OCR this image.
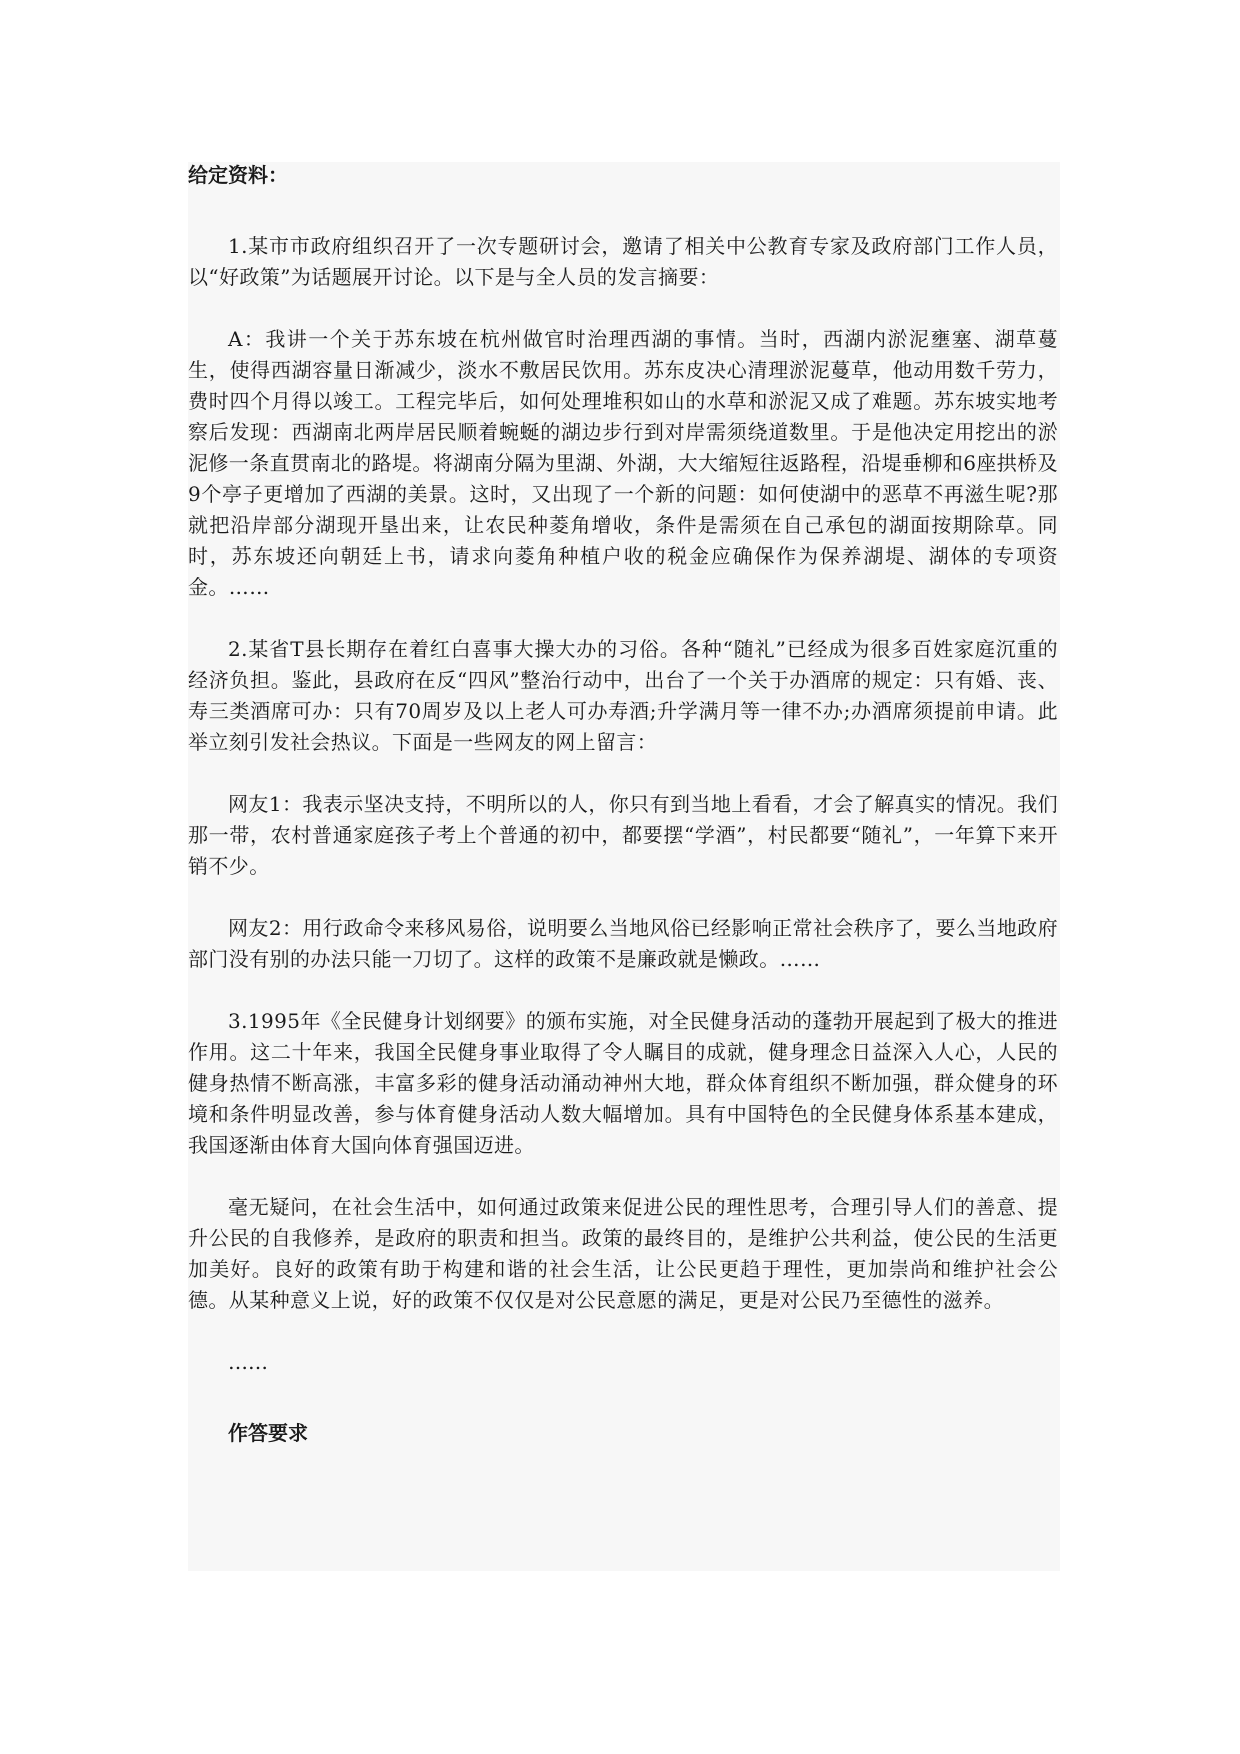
给定资料：

1.某市市政府组织召开了一次专题研讨会，邀请了相关中公教育专家及政府部门工作人员，以“好政策”为话题展开讨论。以下是与全人员的发言摘要：

A：我讲一个关于苏东坡在杭州做官时治理西湖的事情。当时，西湖内淤泥壅塞、湖草蔓生，使得西湖容量日渐减少，淡水不敷居民饮用。苏东皮决心清理淤泥蔓草，他动用数千劳力，费时四个月得以竣工。工程完毕后，如何处理堆积如山的水草和淤泥又成了难题。苏东坡实地考察后发现：西湖南北两岸居民顺着蜿蜒的湖边步行到对岸需须绕道数里。于是他决定用挖出的淤泥修一条直贯南北的路堤。将湖南分隔为里湖、外湖，大大缩短往返路程，沿堤垂柳和6座拱桥及9个亭子更增加了西湖的美景。这时，又出现了一个新的问题：如何使湖中的恶草不再滋生呢?那就把沿岸部分湖现开垦出来，让农民种菱角增收，条件是需须在自己承包的湖面按期除草。同时，苏东坡还向朝廷上书，请求向菱角种植户收的税金应确保作为保养湖堤、湖体的专项资金。……

2.某省T县长期存在着红白喜事大操大办的习俗。各种“随礼”已经成为很多百姓家庭沉重的经济负担。鉴此，县政府在反“四风”整治行动中，出台了一个关于办酒席的规定：只有婚、丧、寿三类酒席可办：只有70周岁及以上老人可办寿酒;升学满月等一律不办;办酒席须提前申请。此举立刻引发社会热议。下面是一些网友的网上留言：

网友1：我表示坚决支持，不明所以的人，你只有到当地上看看，才会了解真实的情况。我们那一带，农村普通家庭孩子考上个普通的初中，都要摆“学酒”，村民都要“随礼”，一年算下来开销不少。

网友2：用行政命令来移风易俗，说明要么当地风俗已经影响正常社会秩序了，要么当地政府部门没有别的办法只能一刀切了。这样的政策不是廉政就是懒政。……

3.1995年《全民健身计划纲要》的颁布实施，对全民健身活动的蓬勃开展起到了极大的推进作用。这二十年来，我国全民健身事业取得了令人瞩目的成就，健身理念日益深入人心，人民的健身热情不断高涨，丰富多彩的健身活动涌动神州大地，群众体育组织不断加强，群众健身的环境和条件明显改善，参与体育健身活动人数大幅增加。具有中国特色的全民健身体系基本建成，我国逐渐由体育大国向体育强国迈进。

毫无疑问，在社会生活中，如何通过政策来促进公民的理性思考，合理引导人们的善意、提升公民的自我修养，是政府的职责和担当。政策的最终目的，是维护公共利益，使公民的生活更加美好。良好的政策有助于构建和谐的社会生活，让公民更趋于理性，更加崇尚和维护社会公德。从某种意义上说，好的政策不仅仅是对公民意愿的满足，更是对公民乃至德性的滋养。

……

作答要求
